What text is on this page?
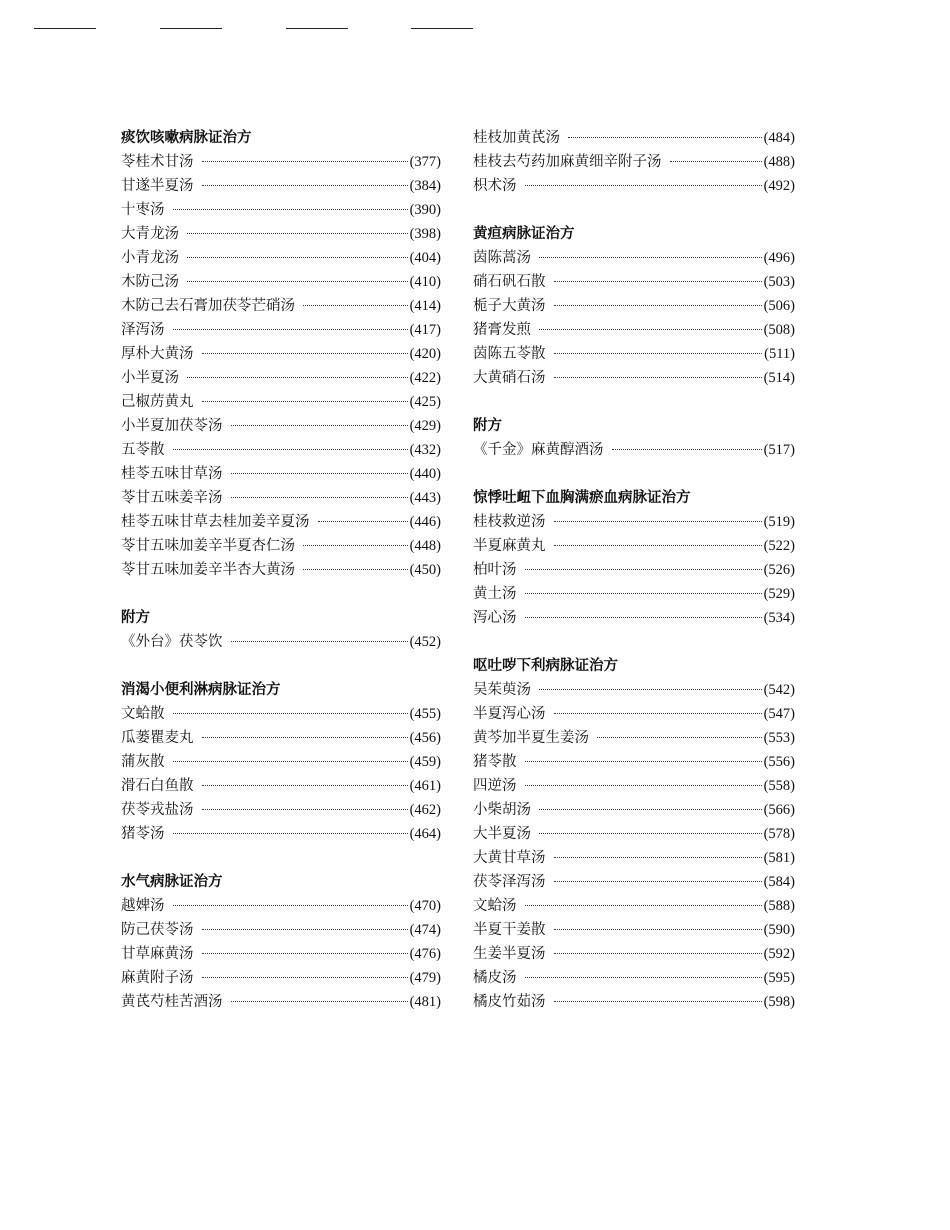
痰饮咳嗽病脉证治方
苓桂术甘汤	(377)
甘遂半夏汤	(384)
十枣汤	(390)
大青龙汤	(398)
小青龙汤	(404)
木防己汤	(410)
木防己去石膏加茯苓芒硝汤	(414)
泽泻汤	(417)
厚朴大黄汤	(420)
小半夏汤	(422)
己椒苈黄丸	(425)
小半夏加茯苓汤	(429)
五苓散	(432)
桂苓五味甘草汤	(440)
苓甘五味姜辛汤	(443)
桂苓五味甘草去桂加姜辛夏汤	(446)
苓甘五味加姜辛半夏杏仁汤	(448)
苓甘五味加姜辛半杏大黄汤	(450)
附方
《外台》茯苓饮	(452)
消渴小便利淋病脉证治方
文蛤散	(455)
瓜蒌瞿麦丸	(456)
蒲灰散	(459)
滑石白鱼散	(461)
茯苓戎盐汤	(462)
猪苓汤	(464)
水气病脉证治方
越婢汤	(470)
防己茯苓汤	(474)
甘草麻黄汤	(476)
麻黄附子汤	(479)
黄芪芍桂苦酒汤	(481)
桂枝加黄芪汤	(484)
桂枝去芍药加麻黄细辛附子汤	(488)
枳术汤	(492)
黄疸病脉证治方
茵陈蒿汤	(496)
硝石矾石散	(503)
栀子大黄汤	(506)
猪膏发煎	(508)
茵陈五苓散	(511)
大黄硝石汤	(514)
附方
《千金》麻黄醇酒汤	(517)
惊悸吐衄下血胸满瘀血病脉证治方
桂枝救逆汤	(519)
半夏麻黄丸	(522)
柏叶汤	(526)
黄土汤	(529)
泻心汤	(534)
呕吐哕下利病脉证治方
吴茱萸汤	(542)
半夏泻心汤	(547)
黄芩加半夏生姜汤	(553)
猪苓散	(556)
四逆汤	(558)
小柴胡汤	(566)
大半夏汤	(578)
大黄甘草汤	(581)
茯苓泽泻汤	(584)
文蛤汤	(588)
半夏干姜散	(590)
生姜半夏汤	(592)
橘皮汤	(595)
橘皮竹茹汤	(598)
